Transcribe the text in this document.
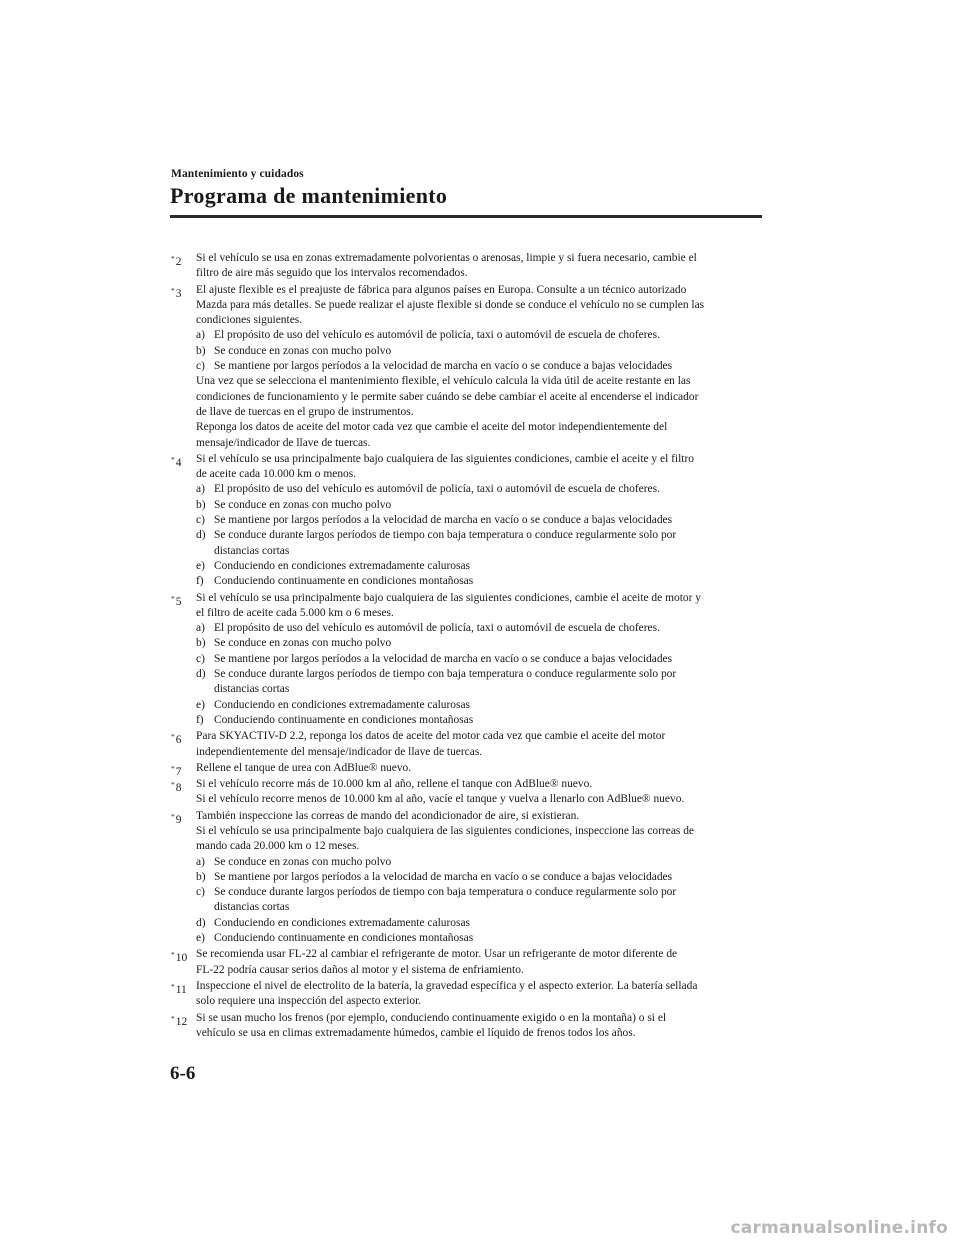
Mantenimiento y cuidados
Programa de mantenimiento
*2 Si el vehículo se usa en zonas extremadamente polvorientas o arenosas, limpie y si fuera necesario, cambie el
filtro de aire más seguido que los intervalos recomendados.
*3 El ajuste flexible es el preajuste de fábrica para algunos países en Europa. Consulte a un técnico autorizado
Mazda para más detalles. Se puede realizar el ajuste flexible si donde se conduce el vehículo no se cumplen las
condiciones siguientes.
a) El propósito de uso del vehículo es automóvil de policía, taxi o automóvil de escuela de choferes.
b) Se conduce en zonas con mucho polvo
c) Se mantiene por largos períodos a la velocidad de marcha en vacío o se conduce a bajas velocidades
Una vez que se selecciona el mantenimiento flexible, el vehículo calcula la vida útil de aceite restante en las
condiciones de funcionamiento y le permite saber cuándo se debe cambiar el aceite al encenderse el indicador
de llave de tuercas en el grupo de instrumentos.
Reponga los datos de aceite del motor cada vez que cambie el aceite del motor independientemente del
mensaje/indicador de llave de tuercas.
*4 Si el vehículo se usa principalmente bajo cualquiera de las siguientes condiciones, cambie el aceite y el filtro
de aceite cada 10.000 km o menos.
a) El propósito de uso del vehículo es automóvil de policía, taxi o automóvil de escuela de choferes.
b) Se conduce en zonas con mucho polvo
c) Se mantiene por largos períodos a la velocidad de marcha en vacío o se conduce a bajas velocidades
d) Se conduce durante largos períodos de tiempo con baja temperatura o conduce regularmente solo por
distancias cortas
e) Conduciendo en condiciones extremadamente calurosas
f) Conduciendo continuamente en condiciones montañosas
*5 Si el vehículo se usa principalmente bajo cualquiera de las siguientes condiciones, cambie el aceite de motor y
el filtro de aceite cada 5.000 km o 6 meses.
a) El propósito de uso del vehículo es automóvil de policía, taxi o automóvil de escuela de choferes.
b) Se conduce en zonas con mucho polvo
c) Se mantiene por largos períodos a la velocidad de marcha en vacío o se conduce a bajas velocidades
d) Se conduce durante largos períodos de tiempo con baja temperatura o conduce regularmente solo por
distancias cortas
e) Conduciendo en condiciones extremadamente calurosas
f) Conduciendo continuamente en condiciones montañosas
*6 Para SKYACTIV-D 2.2, reponga los datos de aceite del motor cada vez que cambie el aceite del motor
independientemente del mensaje/indicador de llave de tuercas.
*7 Rellene el tanque de urea con AdBlue® nuevo.
*8 Si el vehículo recorre más de 10.000 km al año, rellene el tanque con AdBlue® nuevo.
Si el vehículo recorre menos de 10.000 km al año, vacíe el tanque y vuelva a llenarlo con AdBlue® nuevo.
*9 También inspeccione las correas de mando del acondicionador de aire, si existieran.
Si el vehículo se usa principalmente bajo cualquiera de las siguientes condiciones, inspeccione las correas de
mando cada 20.000 km o 12 meses.
a) Se conduce en zonas con mucho polvo
b) Se mantiene por largos períodos a la velocidad de marcha en vacío o se conduce a bajas velocidades
c) Se conduce durante largos períodos de tiempo con baja temperatura o conduce regularmente solo por
distancias cortas
d) Conduciendo en condiciones extremadamente calurosas
e) Conduciendo continuamente en condiciones montañosas
*10 Se recomienda usar FL-22 al cambiar el refrigerante de motor. Usar un refrigerante de motor diferente de
FL-22 podría causar serios daños al motor y el sistema de enfriamiento.
*11 Inspeccione el nivel de electrolito de la batería, la gravedad específica y el aspecto exterior. La batería sellada
solo requiere una inspección del aspecto exterior.
*12 Si se usan mucho los frenos (por ejemplo, conduciendo continuamente exigido o en la montaña) o si el
vehículo se usa en climas extremadamente húmedos, cambie el líquido de frenos todos los años.
6-6
carmanualsonline.info
